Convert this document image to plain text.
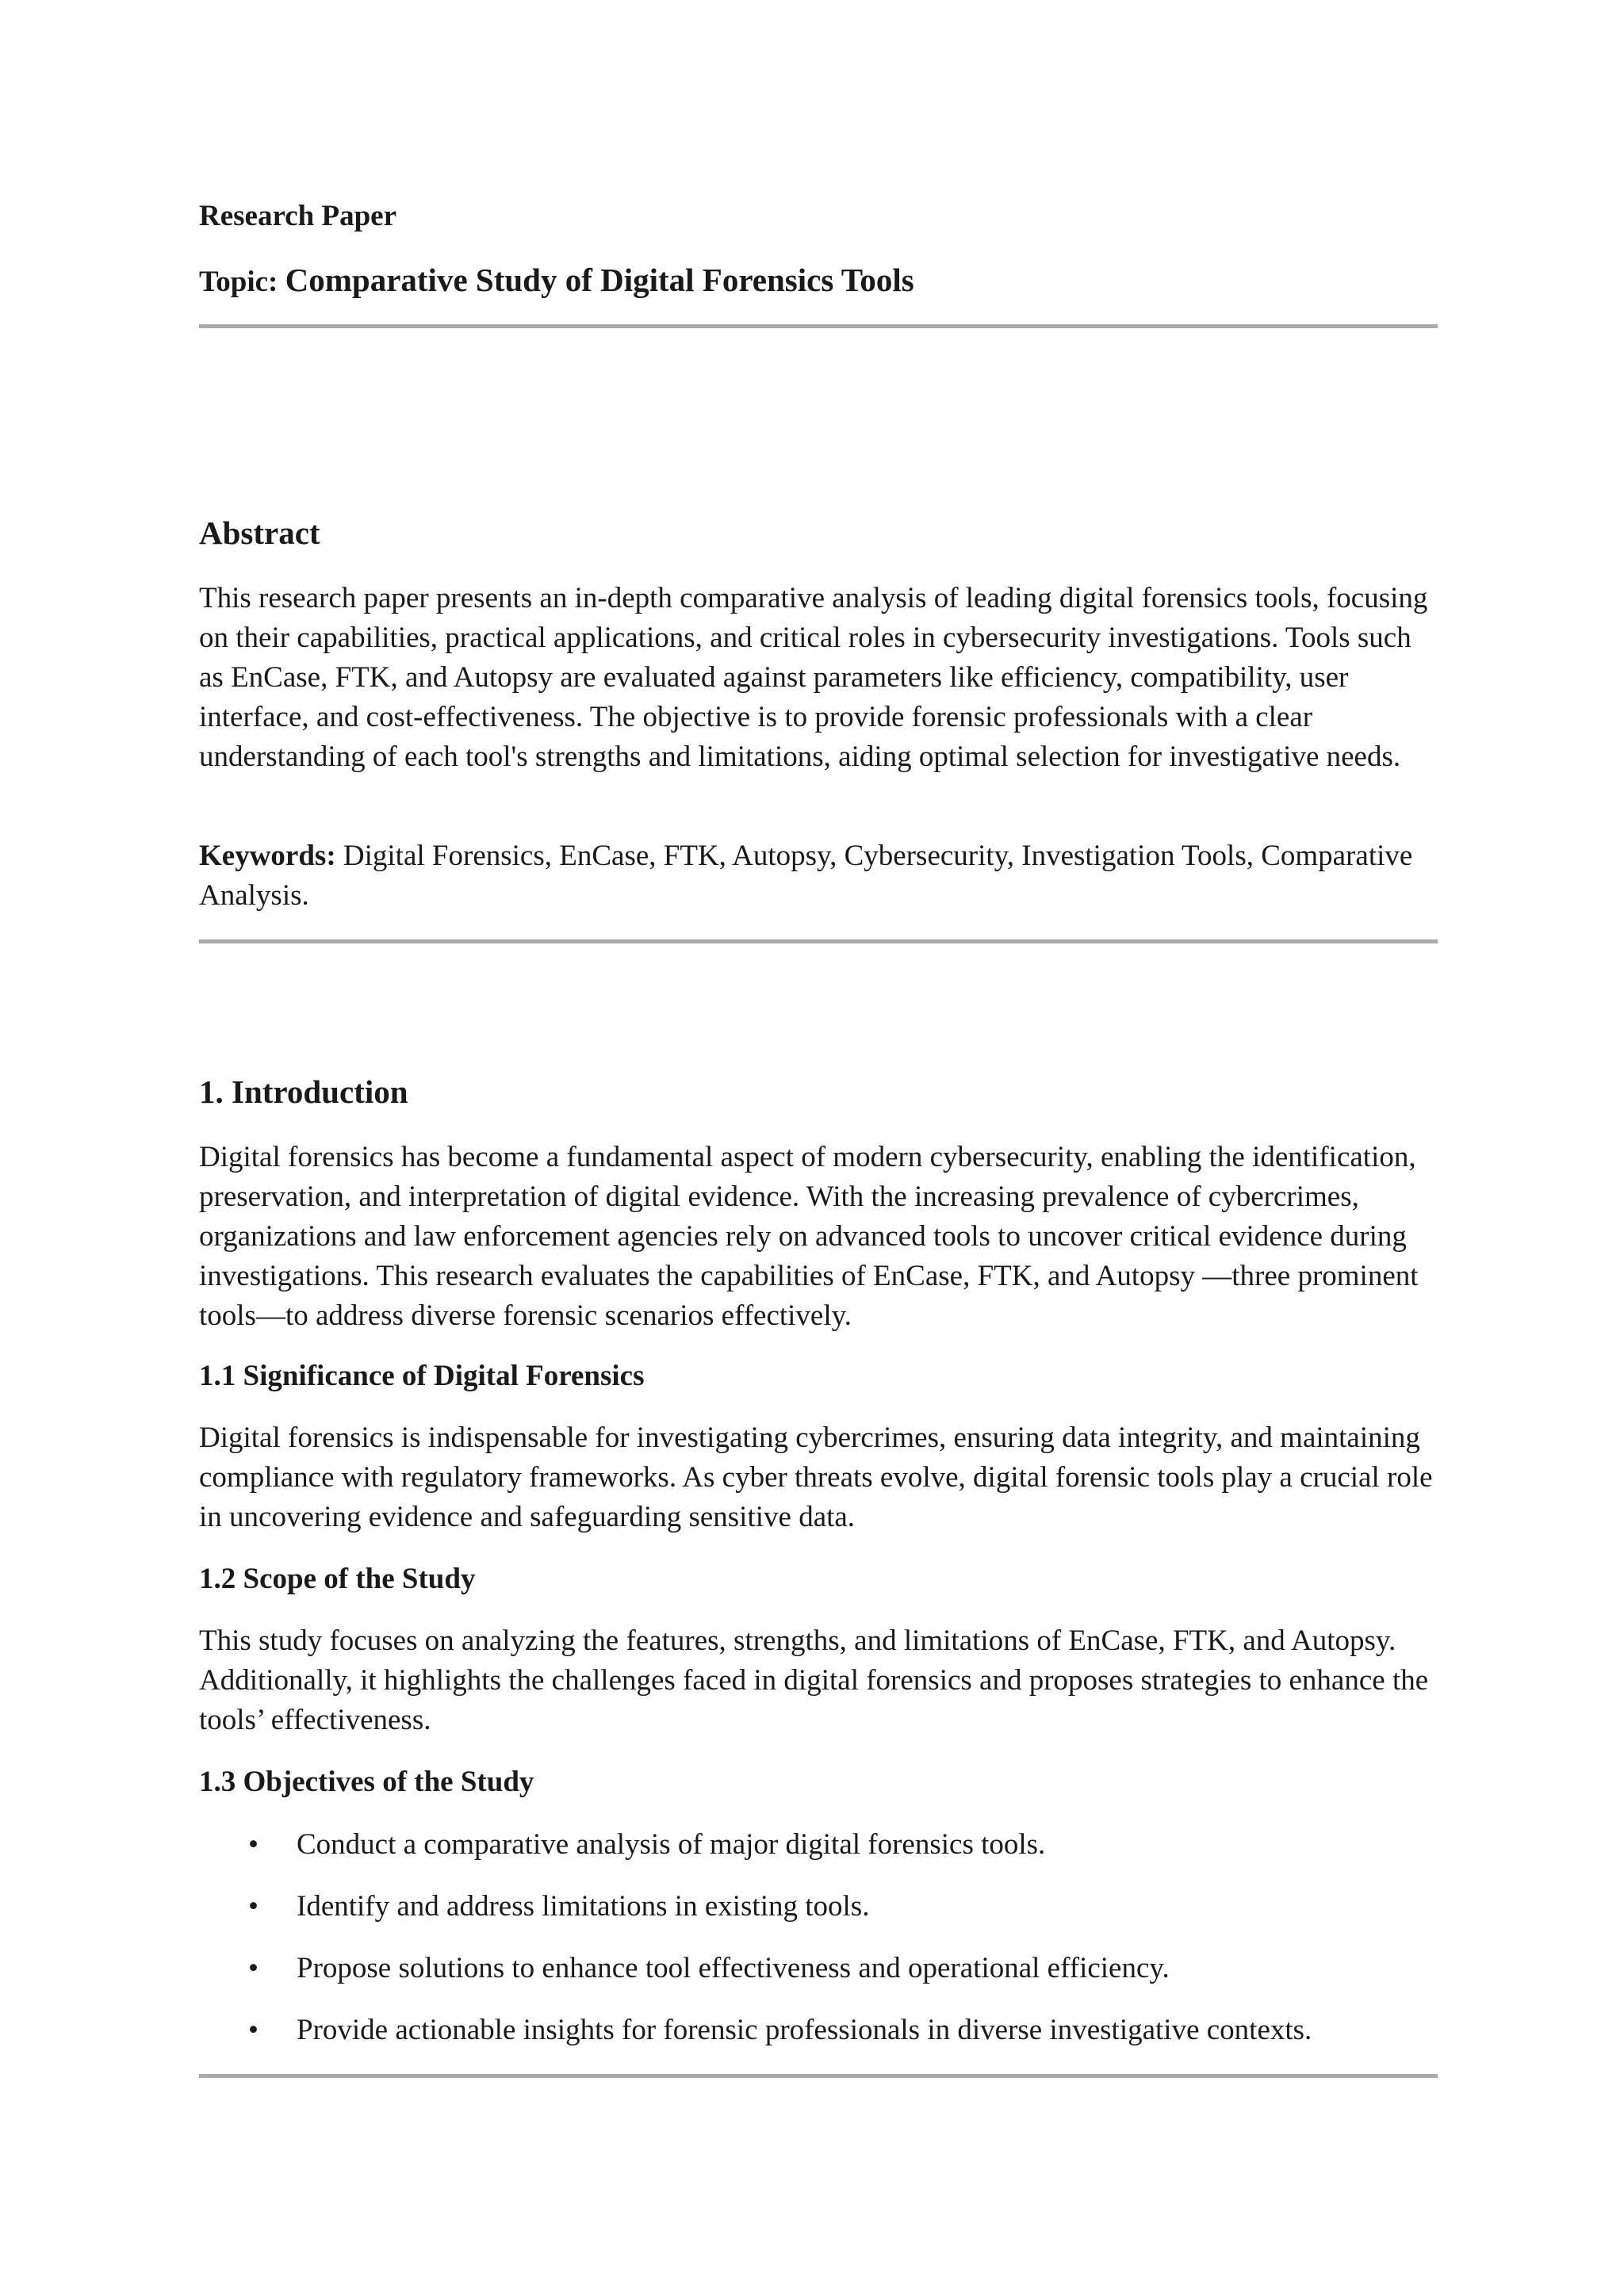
Research Paper

Topic: Comparative Study of Digital Forensics Tools

Abstract

This research paper presents an in-depth comparative analysis of leading digital forensics tools, focusing on their capabilities, practical applications, and critical roles in cybersecurity investigations. Tools such as EnCase, FTK, and Autopsy are evaluated against parameters like efficiency, compatibility, user interface, and cost-effectiveness. The objective is to provide forensic professionals with a clear understanding of each tool's strengths and limitations, aiding optimal selection for investigative needs.

Keywords: Digital Forensics, EnCase, FTK, Autopsy, Cybersecurity, Investigation Tools, Comparative Analysis.

1. Introduction

Digital forensics has become a fundamental aspect of modern cybersecurity, enabling the identification, preservation, and interpretation of digital evidence. With the increasing prevalence of cybercrimes, organizations and law enforcement agencies rely on advanced tools to uncover critical evidence during investigations. This research evaluates the capabilities of EnCase, FTK, and Autopsy —three prominent tools—to address diverse forensic scenarios effectively.

1.1 Significance of Digital Forensics

Digital forensics is indispensable for investigating cybercrimes, ensuring data integrity, and maintaining compliance with regulatory frameworks. As cyber threats evolve, digital forensic tools play a crucial role in uncovering evidence and safeguarding sensitive data.

1.2 Scope of the Study

This study focuses on analyzing the features, strengths, and limitations of EnCase, FTK, and Autopsy. Additionally, it highlights the challenges faced in digital forensics and proposes strategies to enhance the tools’ effectiveness.

1.3 Objectives of the Study
• Conduct a comparative analysis of major digital forensics tools.
• Identify and address limitations in existing tools.
• Propose solutions to enhance tool effectiveness and operational efficiency.
• Provide actionable insights for forensic professionals in diverse investigative contexts.
